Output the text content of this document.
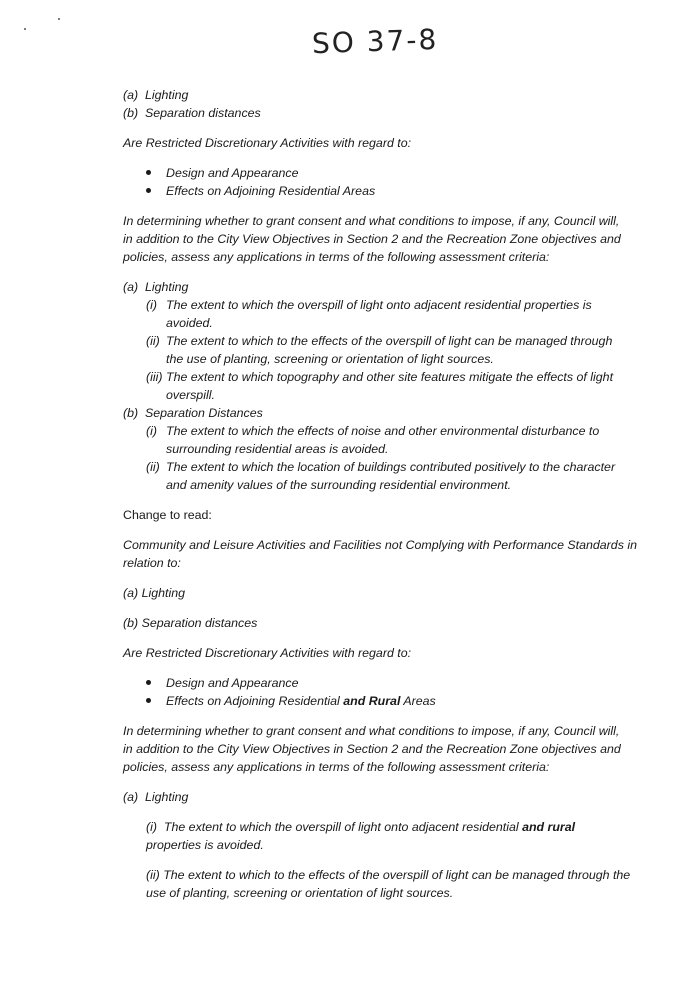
SO 37-8

(a) Lighting

(b) Separation distances

Are Restricted Discretionary Activities with regard to:

Design and Appearance

Effects on Adjoining Residential Areas

In determining whether to grant consent and what conditions to impose, if any, Council will,

in addition to the City View Objectives in Section 2 and the Recreation Zone objectives and

policies, assess any applications in terms of the following assessment criteria:

(a) Lighting

(i) The extent to which the overspill of light onto adjacent residential properties is

avoided.

(ii) The extent to which to the effects of the overspill of light can be managed through

the use of planting, screening or orientation of light sources.

(iii) The extent to which topography and other site features mitigate the effects of light

overspill.

(b) Separation Distances

(i) The extent to which the effects of noise and other environmental disturbance to

surrounding residential areas is avoided.

(ii) The extent to which the location of buildings contributed positively to the character

and amenity values of the surrounding residential environment.

Change to read:

Community and Leisure Activities and Facilities not Complying with Performance Standards in

relation to:

(a) Lighting

(b) Separation distances

Are Restricted Discretionary Activities with regard to:

Design and Appearance

Effects on Adjoining Residential and Rural Areas

In determining whether to grant consent and what conditions to impose, if any, Council will,

in addition to the City View Objectives in Section 2 and the Recreation Zone objectives and

policies, assess any applications in terms of the following assessment criteria:

(a) Lighting

(i)  The extent to which the overspill of light onto adjacent residential and rural

properties is avoided.

(ii) The extent to which to the effects of the overspill of light can be managed through the

use of planting, screening or orientation of light sources.
